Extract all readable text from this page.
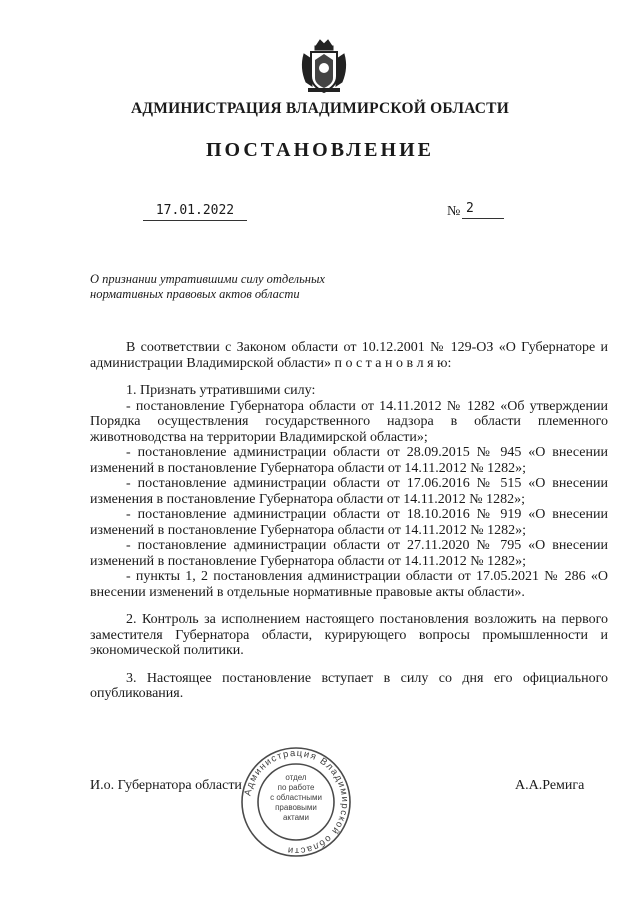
АДМИНИСТРАЦИЯ ВЛАДИМИРСКОЙ ОБЛАСТИ
ПОСТАНОВЛЕНИЕ
17.01.2022	№ 2
О признании утратившими силу отдельных
нормативных правовых актов области

В соответствии с Законом области от 10.12.2001 № 129-ОЗ «О Губернаторе и администрации Владимирской области» п о с т а н о в л я ю:

1. Признать утратившими силу:

- постановление Губернатора области от 14.11.2012 № 1282 «Об утверждении Порядка осуществления государственного надзора в области племенного животноводства на территории Владимирской области»;

- постановление администрации области от 28.09.2015 № 945 «О внесении изменений в постановление Губернатора области от 14.11.2012 № 1282»;

- постановление администрации области от 17.06.2016 № 515 «О внесении изменения в постановление Губернатора области от 14.11.2012 № 1282»;

- постановление администрации области от 18.10.2016 № 919 «О внесении изменений в постановление Губернатора области от 14.11.2012 № 1282»;

- постановление администрации области от 27.11.2020 № 795 «О внесении изменений в постановление Губернатора области от 14.11.2012 № 1282»;

- пункты 1, 2 постановления администрации области от 17.05.2021 № 286 «О внесении изменений в отдельные нормативные правовые акты области».

2. Контроль за исполнением настоящего постановления возложить на первого заместителя Губернатора области, курирующего вопросы промышленности и экономической политики.

3. Настоящее постановление вступает в силу со дня его официального опубликования.

И.о. Губернатора области	А.А.Ремига
Администрация Владимирской области
отдел
по работе
с областными
правовыми
актами
